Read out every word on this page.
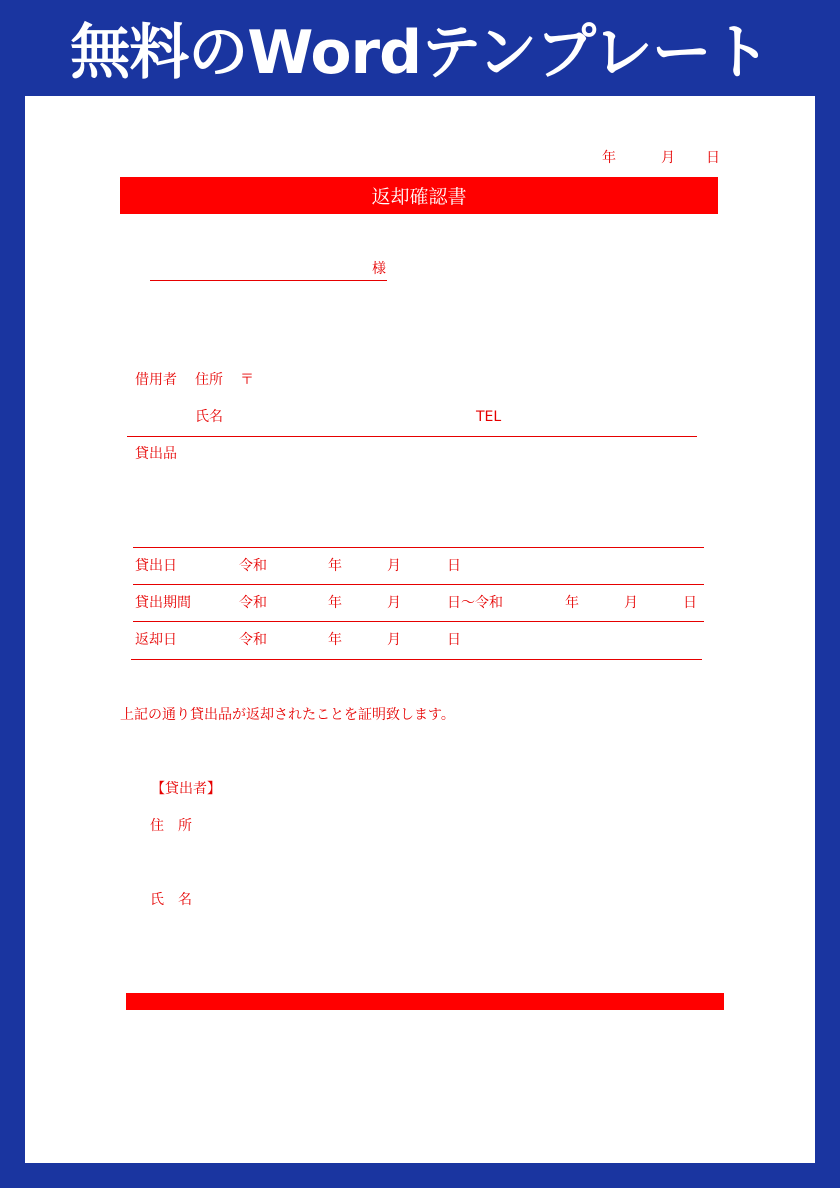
無料のWordテンプレート
年	月 日
返却確認書
様
借用者 住所 〒
氏名	TEL
貸出品
貸出日	令和	年	月	日
貸出期間	令和	年	月	日～令和	年	月	日
返却日	令和	年	月	日
上記の通り貸出品が返却されたことを証明致します。
【貸出者】
住　所
氏　名
